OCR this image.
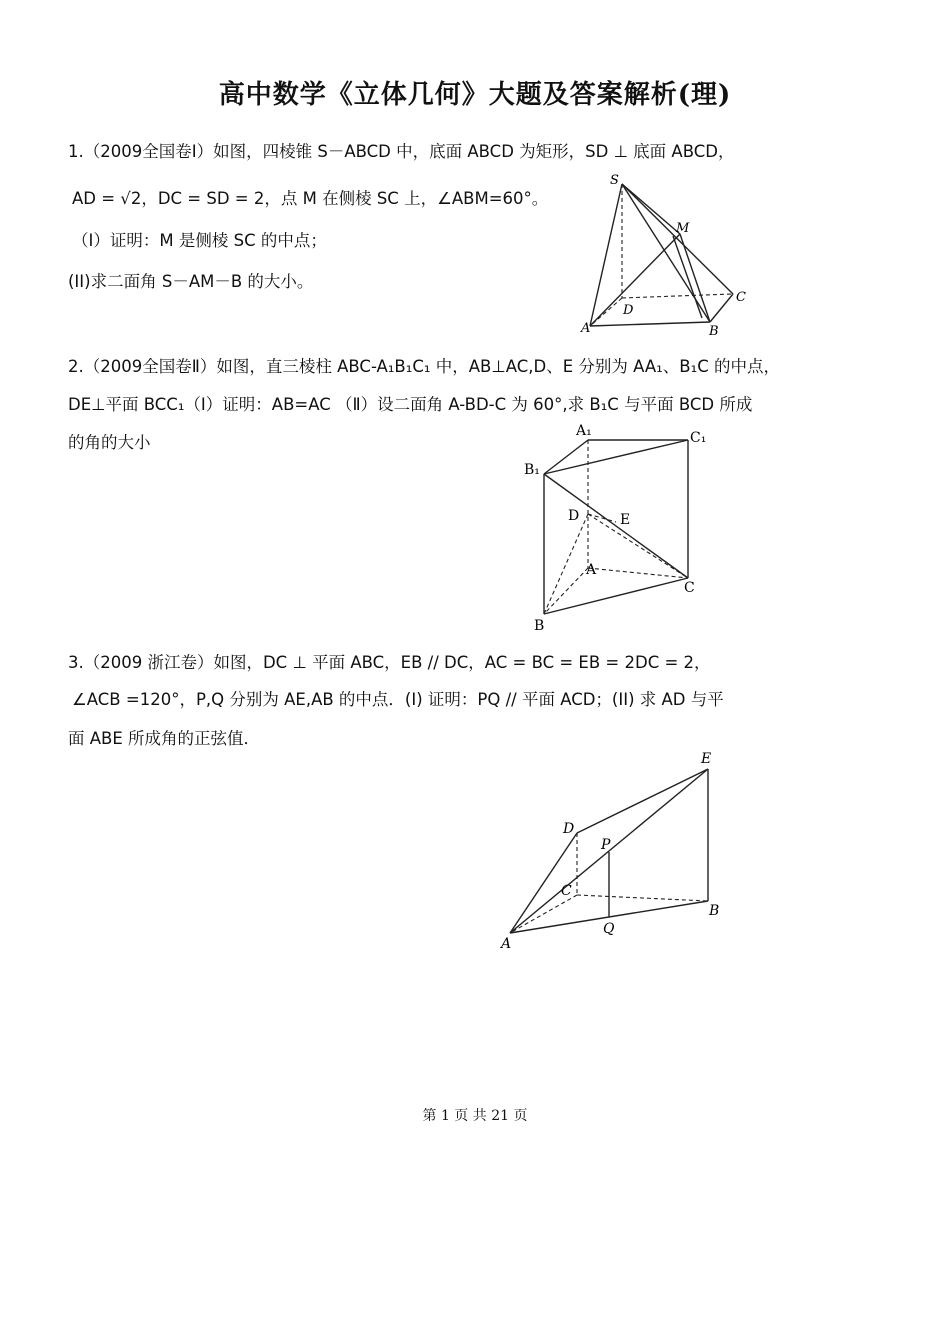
高中数学《立体几何》大题及答案解析(理)
1.（2009全国卷Ⅰ）如图，四棱锥 S－ABCD 中，底面 ABCD 为矩形，SD ⊥ 底面 ABCD，
AD = √2，DC = SD = 2，点 M 在侧棱 SC 上，∠ABM=60°。
（I）证明：M 是侧棱 SC 的中点；
(II)求二面角 S－AM－B 的大小。
S
M
D
C
A	B
2.（2009全国卷Ⅱ）如图，直三棱柱 ABC-A₁B₁C₁ 中，AB⊥AC,D、E 分别为 AA₁、B₁C 的中点，
DE⊥平面 BCC₁（Ⅰ）证明：AB=AC （Ⅱ）设二面角 A-BD-C 为 60°,求 B₁C 与平面 BCD 所成
的角的大小
A₁	C₁
B₁
D	E
A
C
B
3.（2009 浙江卷）如图，DC ⊥ 平面 ABC，EB // DC，AC = BC = EB = 2DC = 2，
∠ACB =120°，P,Q 分别为 AE,AB 的中点．(I) 证明：PQ // 平面 ACD；(II) 求 AD 与平
面 ABE 所成角的正弦值．
E
D
P
C
B
A
Q
第 1 页 共 21 页
